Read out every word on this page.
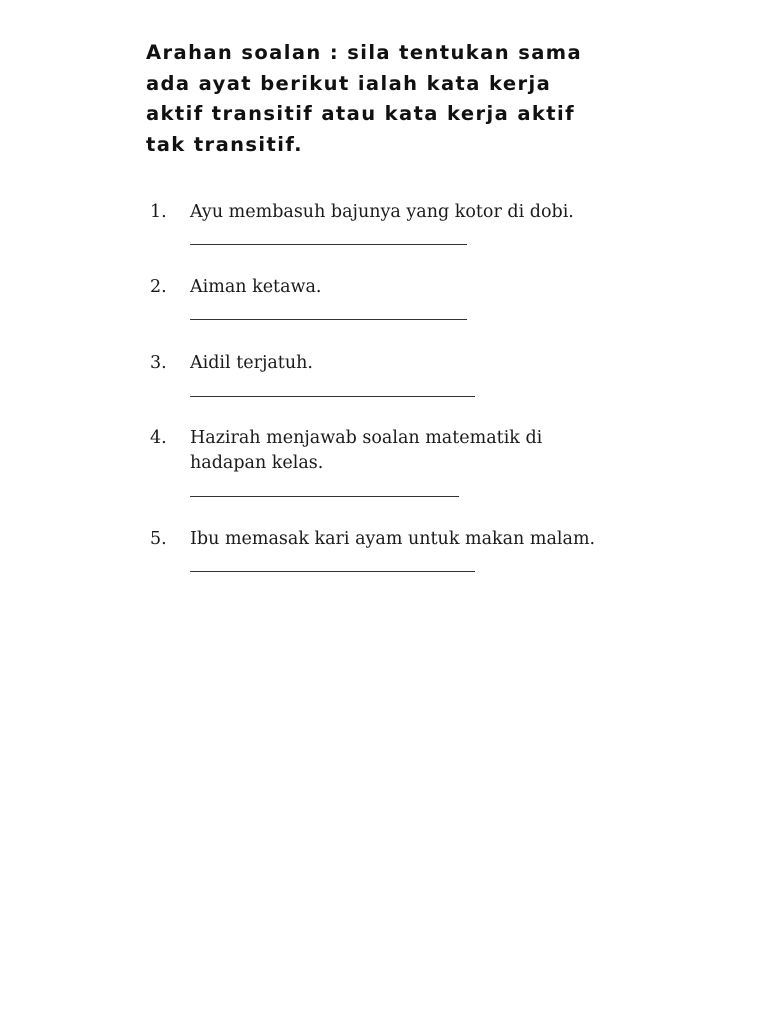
Arahan soalan : sila tentukan sama ada ayat berikut ialah kata kerja aktif transitif atau kata kerja aktif tak transitif.

1.	Ayu membasuh bajunya yang kotor di dobi.
2.	Aiman ketawa.
3.	Aidil terjatuh.
4.	Hazirah menjawab soalan matematik di hadapan kelas.
5.	Ibu memasak kari ayam untuk makan malam.
